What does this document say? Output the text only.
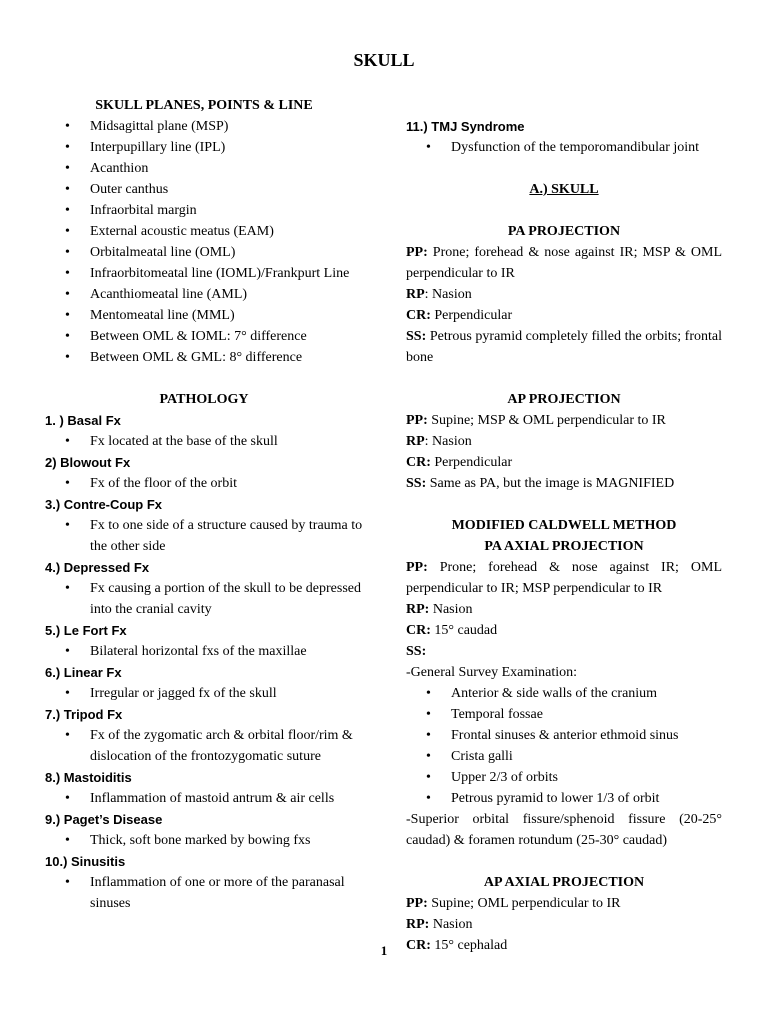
SKULL

SKULL PLANES, POINTS & LINE

• Midsagittal plane (MSP)
• Interpupillary line (IPL)
• Acanthion
• Outer canthus
• Infraorbital margin
• External acoustic meatus (EAM)
• Orbitalmeatal line (OML)
• Infraorbitomeatal line (IOML)/Frankpurt Line
• Acanthiomeatal line (AML)
• Mentomeatal line (MML)
• Between OML & IOML: 7° difference
• Between OML & GML: 8° difference

PATHOLOGY

1. ) Basal Fx

• Fx located at the base of the skull

2) Blowout Fx

• Fx of the floor of the orbit

3.) Contre-Coup Fx

• Fx to one side of a structure caused by trauma to the other side

4.) Depressed Fx

• Fx causing a portion of the skull to be depressed into the cranial cavity

5.) Le Fort Fx

• Bilateral horizontal fxs of the maxillae

6.) Linear Fx

• Irregular or jagged fx of the skull

7.) Tripod Fx

• Fx of the zygomatic arch & orbital floor/rim & dislocation of the frontozygomatic suture

8.) Mastoiditis

• Inflammation of mastoid antrum & air cells

9.) Paget’s Disease

• Thick, soft bone marked by bowing fxs

10.) Sinusitis

• Inflammation of one or more of the paranasal sinuses

11.) TMJ Syndrome

• Dysfunction of the temporomandibular joint

A.) SKULL

PA PROJECTION

PP: Prone; forehead & nose against IR; MSP & OML perpendicular to IR

RP: Nasion

CR: Perpendicular

SS: Petrous pyramid completely filled the orbits; frontal bone

AP PROJECTION

PP: Supine; MSP & OML perpendicular to IR

RP: Nasion

CR: Perpendicular

SS: Same as PA, but the image is MAGNIFIED

MODIFIED CALDWELL METHOD

PA AXIAL PROJECTION

PP: Prone; forehead & nose against IR; OML perpendicular to IR; MSP perpendicular to IR

RP: Nasion

CR: 15° caudad

SS:

-General Survey Examination:

• Anterior & side walls of the cranium
• Temporal fossae
• Frontal sinuses & anterior ethmoid sinus
• Crista galli
• Upper 2/3 of orbits
• Petrous pyramid to lower 1/3 of orbit

-Superior orbital fissure/sphenoid fissure (20-25° caudad) & foramen rotundum (25-30° caudad)

AP AXIAL PROJECTION

PP: Supine; OML perpendicular to IR

RP: Nasion

CR: 15° cephalad

1
